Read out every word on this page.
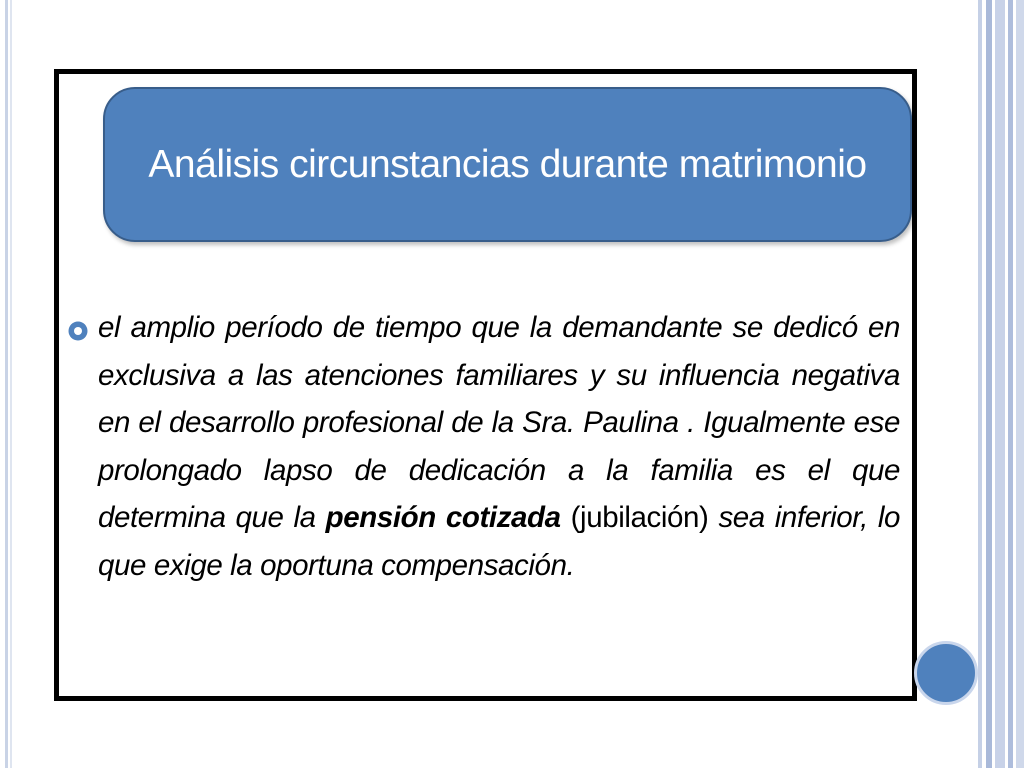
Análisis circunstancias durante matrimonio
el amplio período de tiempo que la demandante se dedicó en exclusiva a las atenciones familiares y su influencia negativa en el desarrollo profesional de la Sra. Paulina . Igualmente ese prolongado lapso de dedicación a la familia es el que determina que la pensión cotizada (jubilación) sea inferior, lo que exige la oportuna compensación.
